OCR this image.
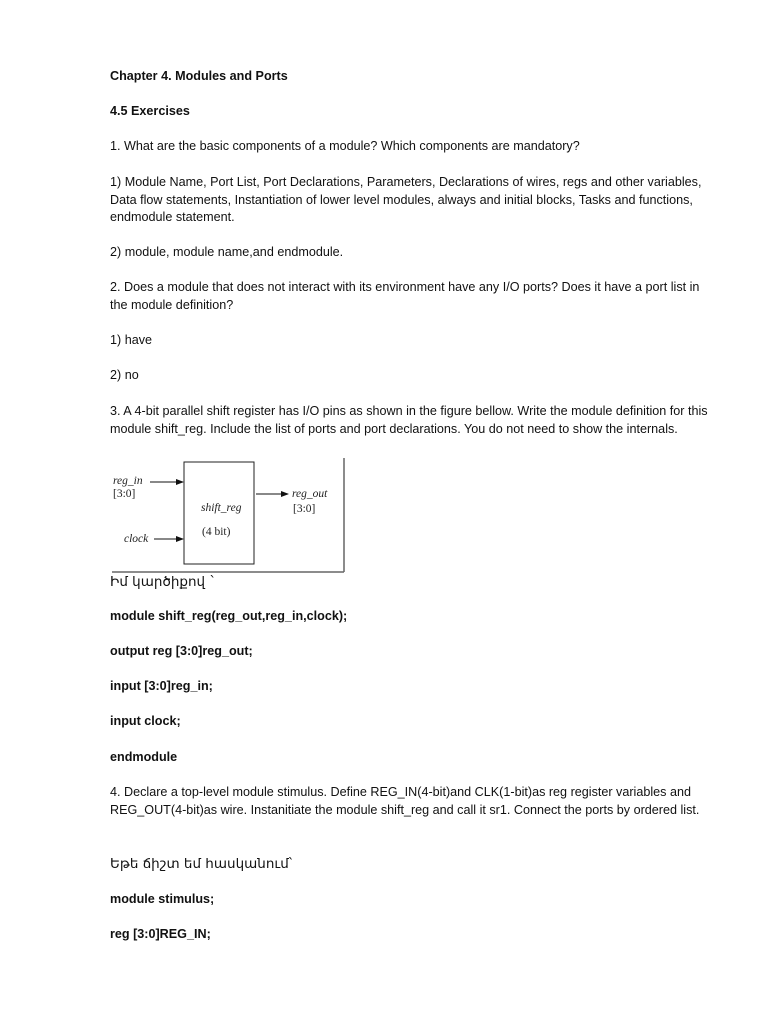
Chapter 4. Modules and Ports

4.5 Exercises

1. What are the basic components of a module? Which components are mandatory?

1) Module Name, Port List, Port Declarations, Parameters, Declarations of wires, regs and other variables, Data flow statements, Instantiation of lower level modules, always and initial blocks, Tasks and functions, endmodule statement.

2) module, module name,and endmodule.

2. Does a module that does not interact with its environment have any I/O ports? Does it have a port list in the module definition?

1) have

2) no

3. A 4-bit parallel shift register has I/O pins as shown in the figure bellow. Write the module definition for this module shift_reg. Include the list of ports and port declarations. You do not need to show the internals.

reg_in
[3:0]
clock
shift_reg
(4 bit)
reg_out
[3:0]

Իմ կարծիքով `

module shift_reg(reg_out,reg_in,clock);

output reg [3:0]reg_out;

input [3:0]reg_in;

input clock;

endmodule

4. Declare a top-level module stimulus. Define REG_IN(4-bit)and CLK(1-bit)as reg register variables and REG_OUT(4-bit)as wire. Instanitiate the module shift_reg and call it sr1. Connect the ports by ordered list.

Եթե ճիշտ եմ հասկանում՝

module stimulus;

reg [3:0]REG_IN;
